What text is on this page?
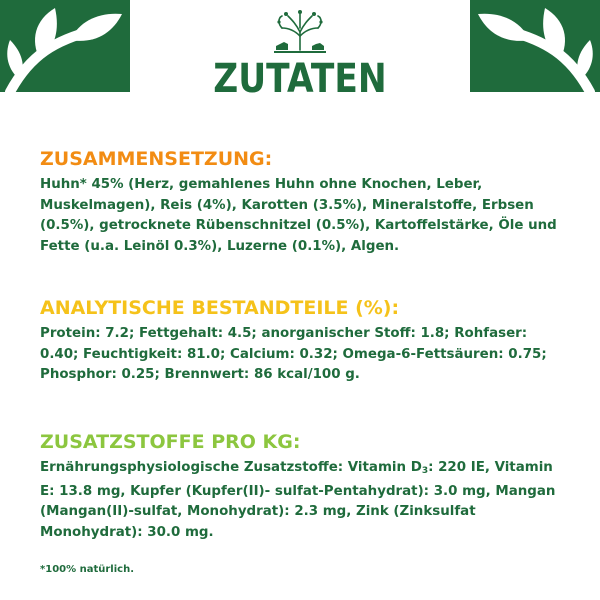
ZUTATEN

ZUSAMMENSETZUNG:

Huhn* 45% (Herz, gemahlenes Huhn ohne Knochen, Leber, Muskelmagen), Reis (4%), Karotten (3.5%), Mineralstoffe, Erbsen (0.5%), getrocknete Rübenschnitzel (0.5%), Kartoffelstärke, Öle und Fette (u.a. Leinöl 0.3%), Luzerne (0.1%), Algen.

ANALYTISCHE BESTANDTEILE (%):

Protein: 7.2; Fettgehalt: 4.5; anorganischer Stoff: 1.8; Rohfaser: 0.40; Feuchtigkeit: 81.0; Calcium: 0.32; Omega-6-Fettsäuren: 0.75; Phosphor: 0.25; Brennwert: 86 kcal/100 g.

ZUSATZSTOFFE PRO KG:

Ernährungsphysiologische Zusatzstoffe: Vitamin $D_3$: 220 IE, Vitamin E: 13.8 mg, Kupfer (Kupfer(II)- sulfat-Pentahydrat): 3.0 mg, Mangan (Mangan(II)-sulfat, Monohydrat): 2.3 mg, Zink (Zinksulfat Monohydrat): 30.0 mg.

*100% natürlich.
